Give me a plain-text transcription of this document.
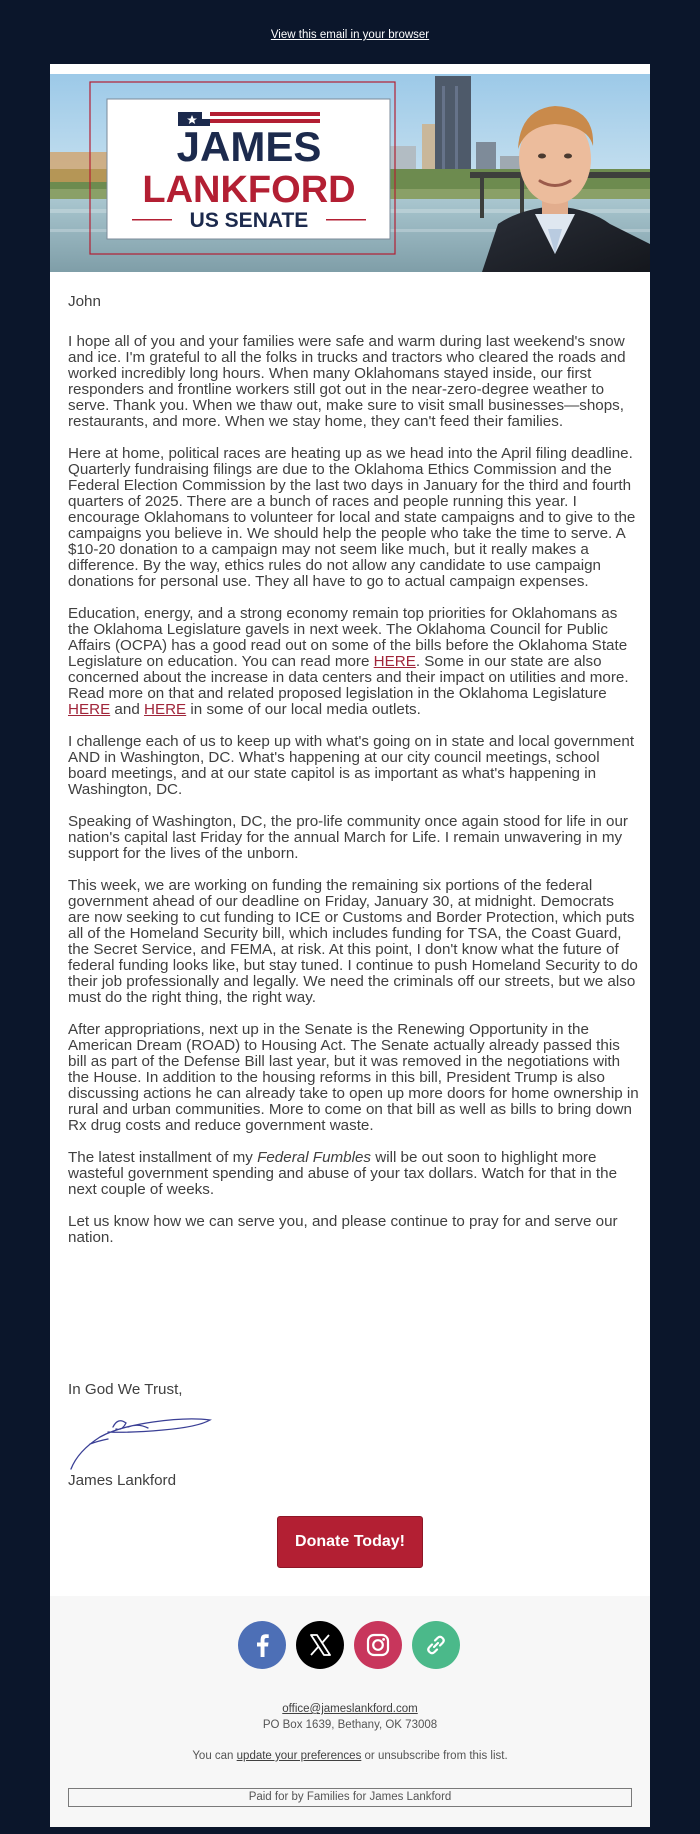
View this email in your browser
JAMES
LANKFORD
US SENATE

John

I hope all of you and your families were safe and warm during last weekend's snow and ice. I'm grateful to all the folks in trucks and tractors who cleared the roads and worked incredibly long hours. When many Oklahomans stayed inside, our first responders and frontline workers still got out in the near-zero-degree weather to serve. Thank you. When we thaw out, make sure to visit small businesses—shops, restaurants, and more. When we stay home, they can't feed their families.

Here at home, political races are heating up as we head into the April filing deadline. Quarterly fundraising filings are due to the Oklahoma Ethics Commission and the Federal Election Commission by the last two days in January for the third and fourth quarters of 2025. There are a bunch of races and people running this year. I encourage Oklahomans to volunteer for local and state campaigns and to give to the campaigns you believe in. We should help the people who take the time to serve. A $10-20 donation to a campaign may not seem like much, but it really makes a difference. By the way, ethics rules do not allow any candidate to use campaign donations for personal use. They all have to go to actual campaign expenses.

Education, energy, and a strong economy remain top priorities for Oklahomans as the Oklahoma Legislature gavels in next week. The Oklahoma Council for Public Affairs (OCPA) has a good read out on some of the bills before the Oklahoma State Legislature on education. You can read more HERE. Some in our state are also concerned about the increase in data centers and their impact on utilities and more. Read more on that and related proposed legislation in the Oklahoma Legislature HERE and HERE in some of our local media outlets.

I challenge each of us to keep up with what's going on in state and local government AND in Washington, DC. What's happening at our city council meetings, school board meetings, and at our state capitol is as important as what's happening in Washington, DC.

Speaking of Washington, DC, the pro-life community once again stood for life in our nation's capital last Friday for the annual March for Life. I remain unwavering in my support for the lives of the unborn.

This week, we are working on funding the remaining six portions of the federal government ahead of our deadline on Friday, January 30, at midnight. Democrats are now seeking to cut funding to ICE or Customs and Border Protection, which puts all of the Homeland Security bill, which includes funding for TSA, the Coast Guard, the Secret Service, and FEMA, at risk. At this point, I don't know what the future of federal funding looks like, but stay tuned. I continue to push Homeland Security to do their job professionally and legally. We need the criminals off our streets, but we also must do the right thing, the right way.

After appropriations, next up in the Senate is the Renewing Opportunity in the American Dream (ROAD) to Housing Act. The Senate actually already passed this bill as part of the Defense Bill last year, but it was removed in the negotiations with the House. In addition to the housing reforms in this bill, President Trump is also discussing actions he can already take to open up more doors for home ownership in rural and urban communities. More to come on that bill as well as bills to bring down Rx drug costs and reduce government waste.

The latest installment of my Federal Fumbles will be out soon to highlight more wasteful government spending and abuse of your tax dollars. Watch for that in the next couple of weeks.

Let us know how we can serve you, and please continue to pray for and serve our nation.

In God We Trust,
James Lankford
Donate Today!
office@jameslankford.com
PO Box 1639, Bethany, OK 73008
You can update your preferences or unsubscribe from this list.
Paid for by Families for James Lankford
